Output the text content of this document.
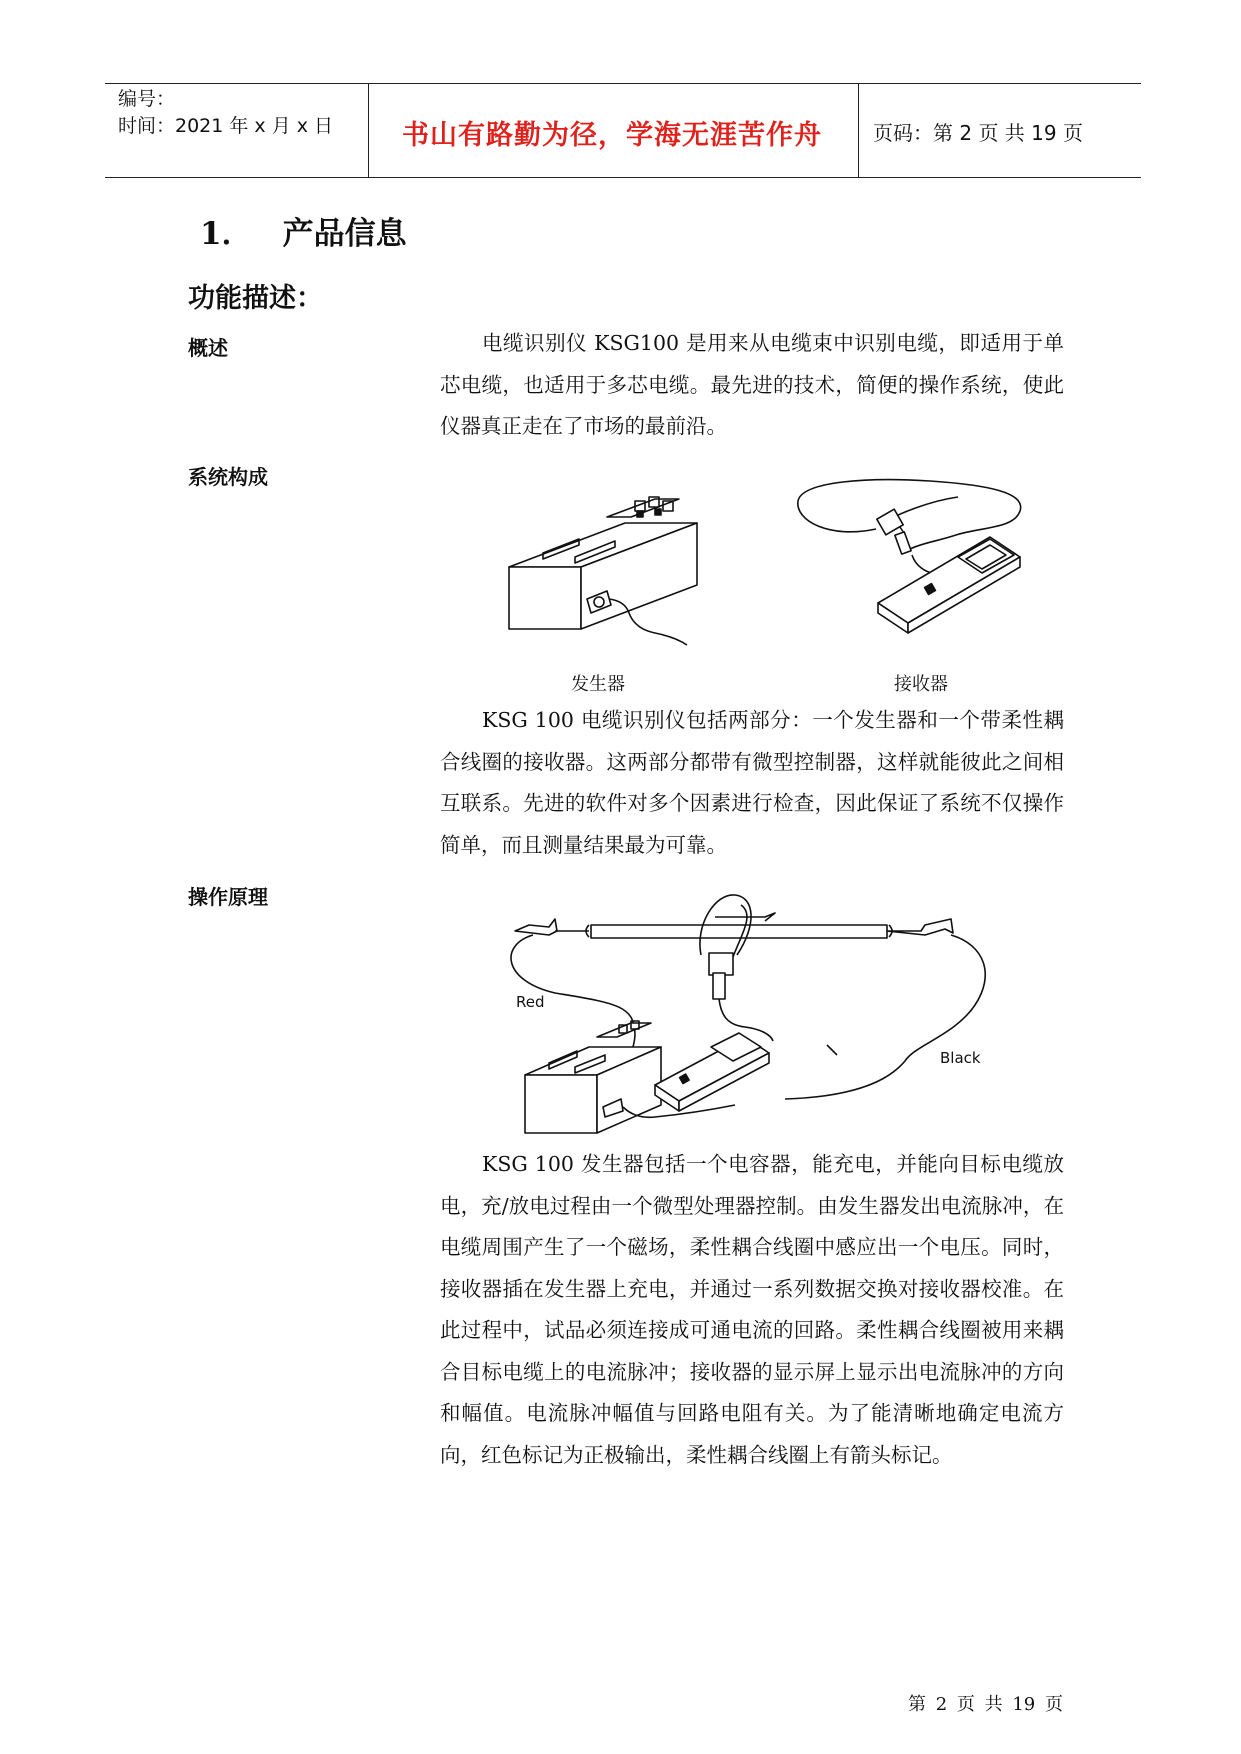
编号：
时间：2021 年 x 月 x 日	书山有路勤为径，学海无涯苦作舟	页码：第 2 页 共 19 页
1． 产品信息
功能描述：
概述	电缆识别仪 KSG100 是用来从电缆束中识别电缆，即适用于单芯电缆，也适用于多芯电缆。最先进的技术，简便的操作系统，使此仪器真正走在了市场的最前沿。

系统构成
发生器	接收器

KSG 100 电缆识别仪包括两部分：一个发生器和一个带柔性耦合线圈的接收器。这两部分都带有微型控制器，这样就能彼此之间相互联系。先进的软件对多个因素进行检查，因此保证了系统不仅操作简单，而且测量结果最为可靠。

操作原理
Red
Black

KSG 100 发生器包括一个电容器，能充电，并能向目标电缆放电，充/放电过程由一个微型处理器控制。由发生器发出电流脉冲，在电缆周围产生了一个磁场，柔性耦合线圈中感应出一个电压。同时，接收器插在发生器上充电，并通过一系列数据交换对接收器校准。在此过程中，试品必须连接成可通电流的回路。柔性耦合线圈被用来耦合目标电缆上的电流脉冲；接收器的显示屏上显示出电流脉冲的方向和幅值。电流脉冲幅值与回路电阻有关。为了能清晰地确定电流方向，红色标记为正极输出，柔性耦合线圈上有箭头标记。

第 2 页 共 19 页
